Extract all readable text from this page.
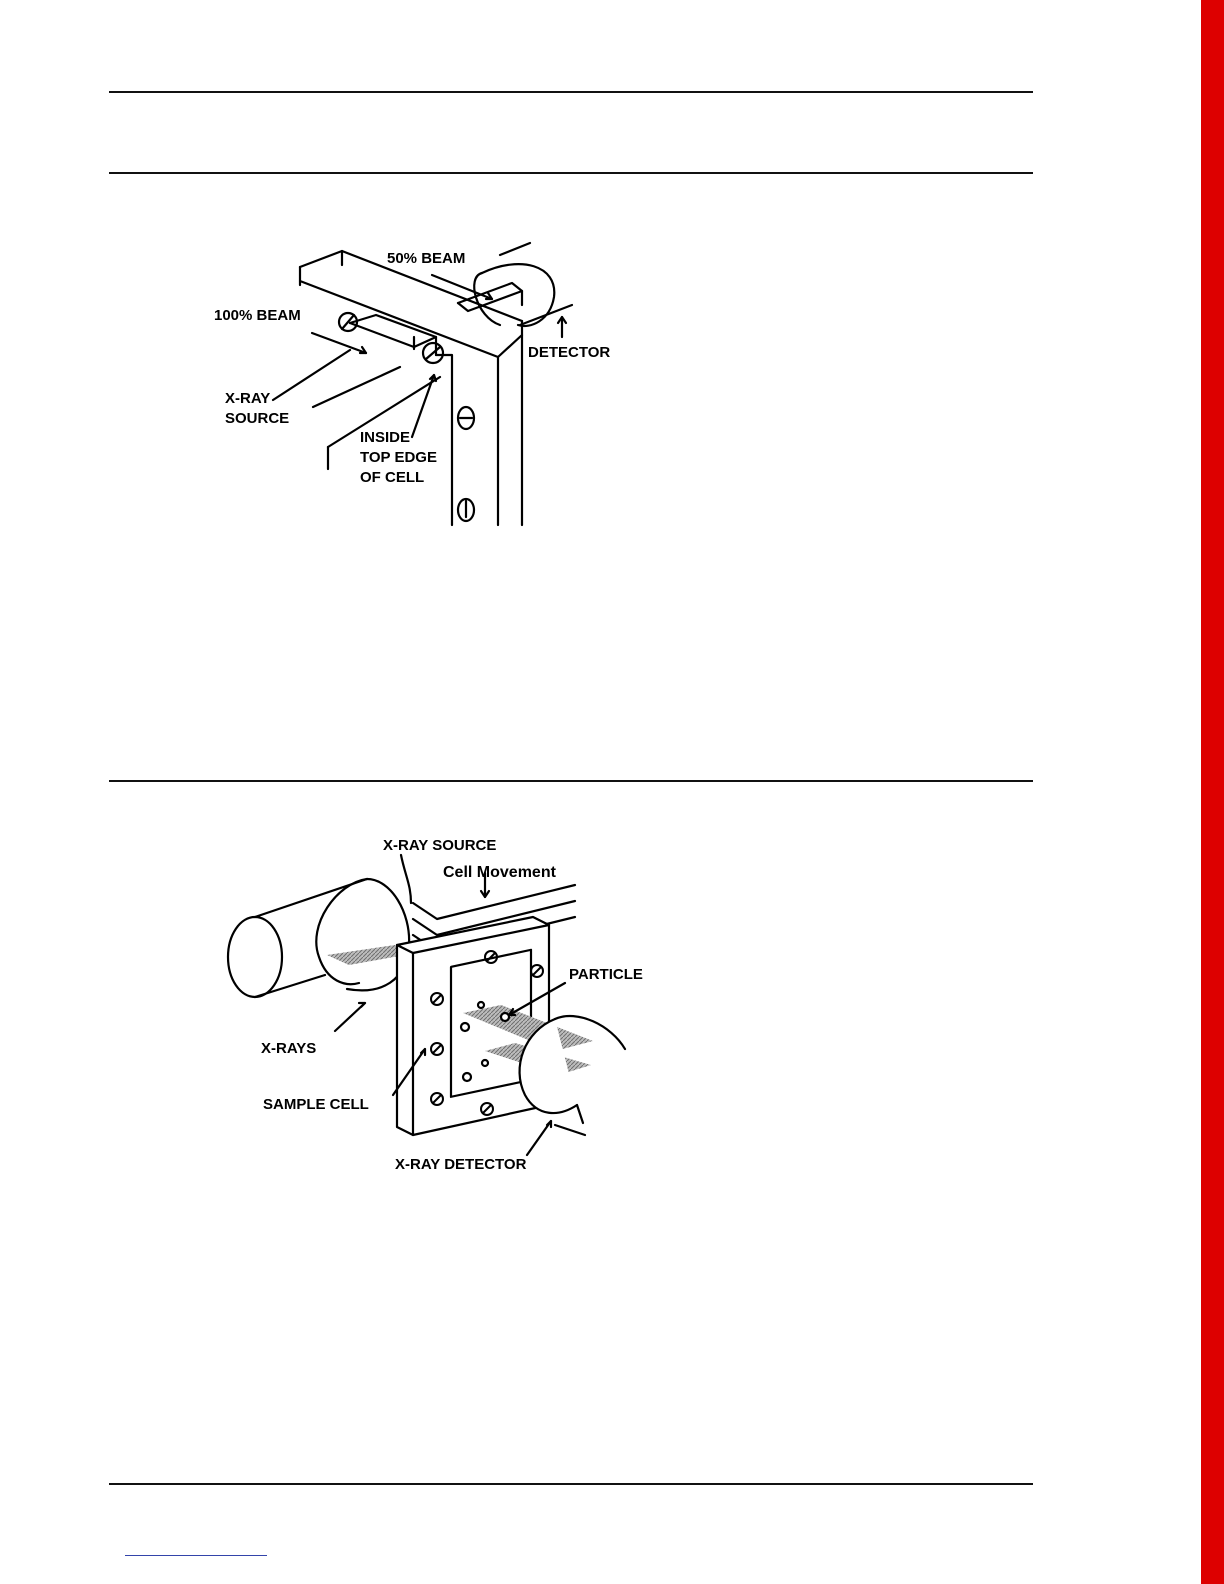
50% BEAM
100% BEAM
DETECTOR
X-RAY
SOURCE
INSIDE
TOP EDGE
OF CELL
X-RAY SOURCE
Cell Movement
PARTICLE
X-RAYS
SAMPLE CELL
X-RAY DETECTOR
